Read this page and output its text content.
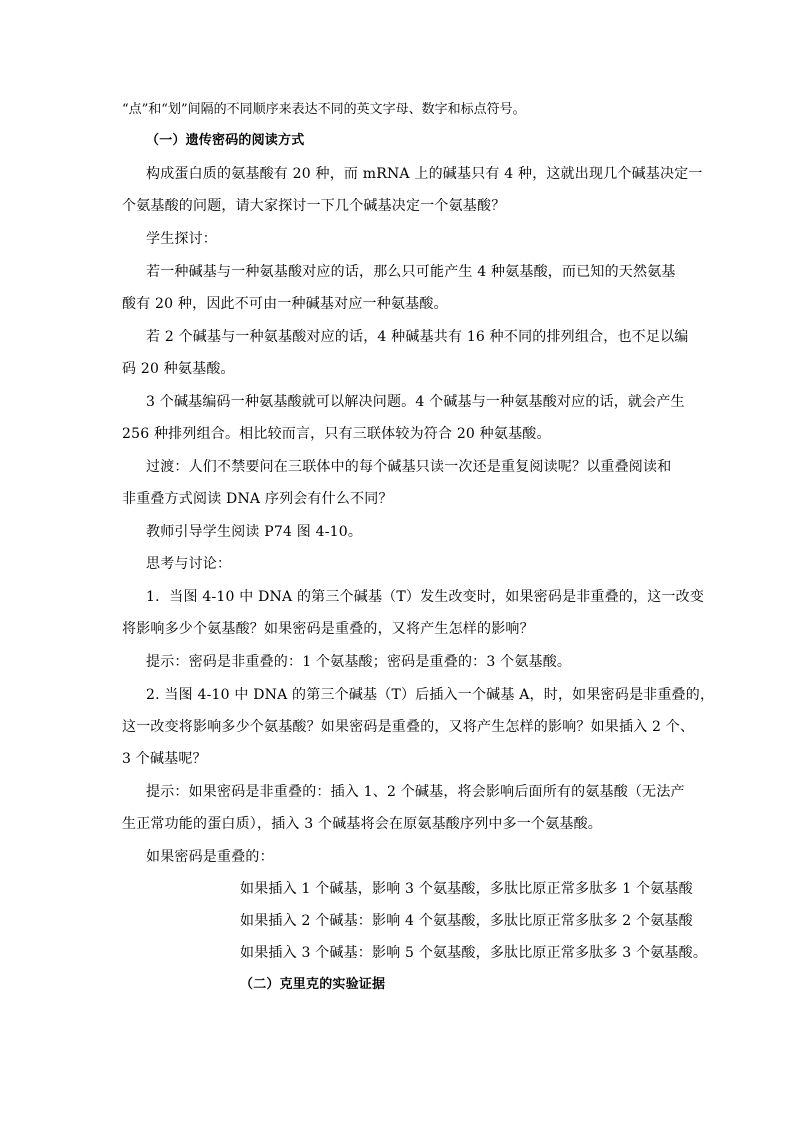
“点”和“划”间隔的不同顺序来表达不同的英文字母、数字和标点符号。
（一）遗传密码的阅读方式
构成蛋白质的氨基酸有 20 种，而 mRNA 上的碱基只有 4 种，这就出现几个碱基决定一
个氨基酸的问题，请大家探讨一下几个碱基决定一个氨基酸？
学生探讨：
若一种碱基与一种氨基酸对应的话，那么只可能产生 4 种氨基酸，而已知的天然氨基
酸有 20 种，因此不可由一种碱基对应一种氨基酸。
若 2 个碱基与一种氨基酸对应的话，4 种碱基共有 16 种不同的排列组合，也不足以编
码 20 种氨基酸。
3 个碱基编码一种氨基酸就可以解决问题。4 个碱基与一种氨基酸对应的话，就会产生
256 种排列组合。相比较而言，只有三联体较为符合 20 种氨基酸。
过渡：人们不禁要问在三联体中的每个碱基只读一次还是重复阅读呢？以重叠阅读和
非重叠方式阅读 DNA 序列会有什么不同？
教师引导学生阅读 P74 图 4-10。
思考与讨论：
1．当图 4-10 中 DNA 的第三个碱基（T）发生改变时，如果密码是非重叠的，这一改变
将影响多少个氨基酸？如果密码是重叠的，又将产生怎样的影响？
提示：密码是非重叠的：1 个氨基酸；密码是重叠的：3 个氨基酸。
2. 当图 4-10 中 DNA 的第三个碱基（T）后插入一个碱基 A，时，如果密码是非重叠的，
这一改变将影响多少个氨基酸？如果密码是重叠的，又将产生怎样的影响？如果插入 2 个、
3 个碱基呢？
提示：如果密码是非重叠的：插入 1、2 个碱基，将会影响后面所有的氨基酸（无法产
生正常功能的蛋白质），插入 3 个碱基将会在原氨基酸序列中多一个氨基酸。
如果密码是重叠的：
如果插入 1 个碱基，影响 3 个氨基酸，多肽比原正常多肽多 1 个氨基酸
如果插入 2 个碱基：影响 4 个氨基酸，多肽比原正常多肽多 2 个氨基酸
如果插入 3 个碱基：影响 5 个氨基酸，多肽比原正常多肽多 3 个氨基酸。
（二）克里克的实验证据
